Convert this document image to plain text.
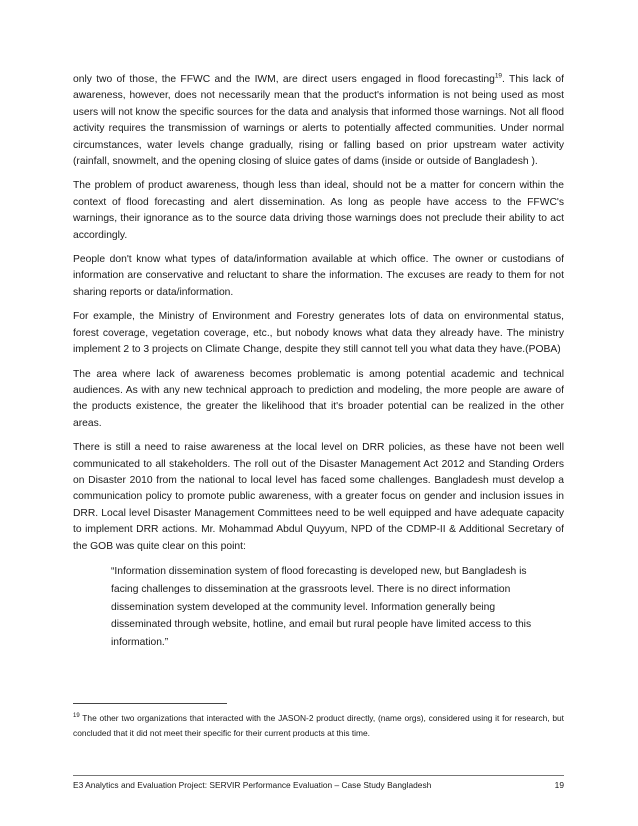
only two of those, the FFWC and the IWM, are direct users engaged in flood forecasting$^{19}$. This lack of awareness, however, does not necessarily mean that the product's information is not being used as most users will not know the specific sources for the data and analysis that informed those warnings. Not all flood activity requires the transmission of warnings or alerts to potentially affected communities. Under normal circumstances, water levels change gradually, rising or falling based on prior upstream water activity (rainfall, snowmelt, and the opening closing of sluice gates of dams (inside or outside of Bangladesh ).

The problem of product awareness, though less than ideal, should not be a matter for concern within the context of flood forecasting and alert dissemination. As long as people have access to the FFWC's warnings, their ignorance as to the source data driving those warnings does not preclude their ability to act accordingly.

People don't know what types of data/information available at which office. The owner or custodians of information are conservative and reluctant to share the information. The excuses are ready to them for not sharing reports or data/information.

For example, the Ministry of Environment and Forestry generates lots of data on environmental status, forest coverage, vegetation coverage, etc., but nobody knows what data they already have. The ministry implement 2 to 3 projects on Climate Change, despite they still cannot tell you what data they have.(POBA)

The area where lack of awareness becomes problematic is among potential academic and technical audiences. As with any new technical approach to prediction and modeling, the more people are aware of the products existence, the greater the likelihood that it's broader potential can be realized in the other areas.

There is still a need to raise awareness at the local level on DRR policies, as these have not been well communicated to all stakeholders. The roll out of the Disaster Management Act 2012 and Standing Orders on Disaster 2010 from the national to local level has faced some challenges. Bangladesh must develop a communication policy to promote public awareness, with a greater focus on gender and inclusion issues in DRR. Local level Disaster Management Committees need to be well equipped and have adequate capacity to implement DRR actions. Mr. Mohammad Abdul Quyyum, NPD of the CDMP-II & Additional Secretary of the GOB was quite clear on this point:

“Information dissemination system of flood forecasting is developed new, but Bangladesh is facing challenges to dissemination at the grassroots level. There is no direct information dissemination system developed at the community level. Information generally being disseminated through website, hotline, and email but rural people have limited access to this information.”
$^{19}$ The other two organizations that interacted with the JASON-2 product directly, (name orgs), considered using it for research, but concluded that it did not meet their specific for their current products at this time.
E3 Analytics and Evaluation Project: SERVIR Performance Evaluation – Case Study Bangladesh	19
